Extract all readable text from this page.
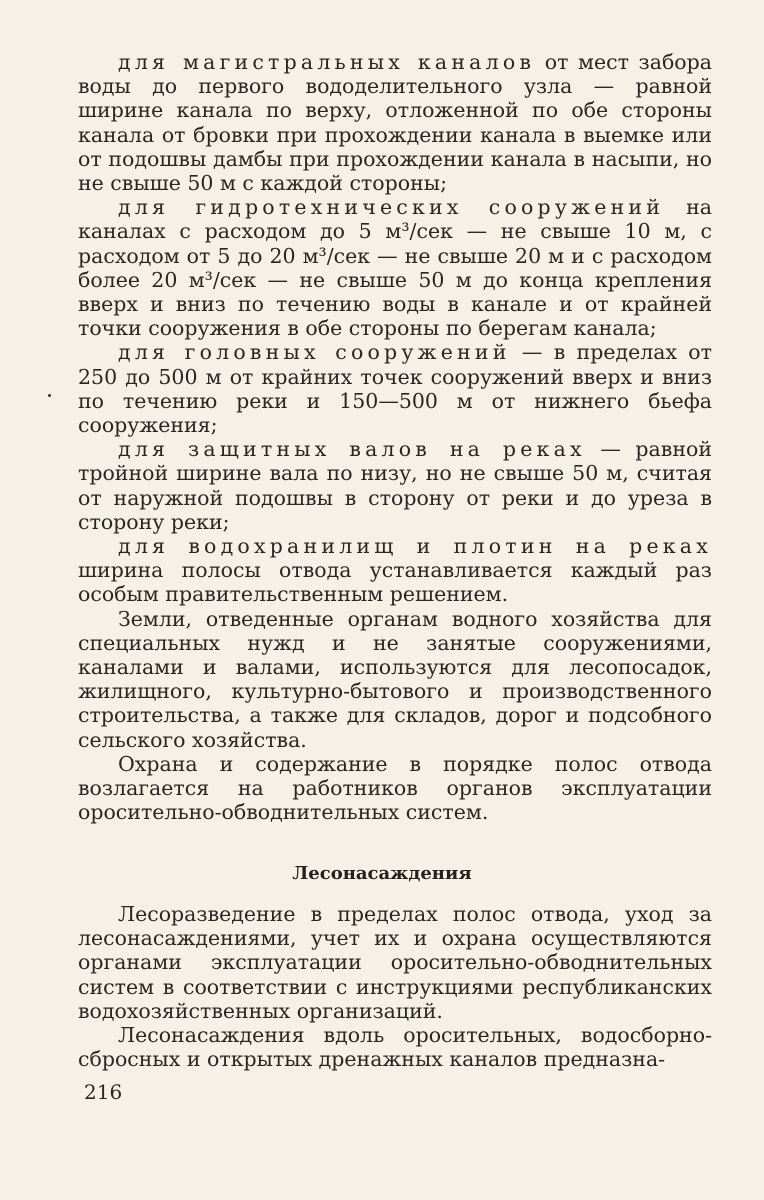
для магистральных каналов от мест забора воды до первого вододелительного узла — равной ширине канала по верху, отложенной по обе стороны канала от бровки при прохождении канала в выемке или от подошвы дамбы при прохождении канала в насыпи, но не свыше 50 м с каждой стороны;

для гидротехнических сооружений на каналах с расходом до 5 м³/сек — не свыше 10 м, с расходом от 5 до 20 м³/сек — не свыше 20 м и с расходом более 20 м³/сек — не свыше 50 м до конца крепления вверх и вниз по течению воды в канале и от крайней точки сооружения в обе стороны по берегам канала;

для головных сооружений — в пределах от 250 до 500 м от крайних точек сооружений вверх и вниз по течению реки и 150—500 м от нижнего бьефа сооружения;

для защитных валов на реках — равной тройной ширине вала по низу, но не свыше 50 м, считая от наружной подошвы в сторону от реки и до уреза в сторону реки;

для водохранилищ и плотин на реках ширина полосы отвода устанавливается каждый раз особым правительственным решением.

Земли, отведенные органам водного хозяйства для специальных нужд и не занятые сооружениями, каналами и валами, используются для лесопосадок, жилищного, культурно-бытового и производственного строительства, а также для складов, дорог и подсобного сельского хозяйства.

Охрана и содержание в порядке полос отвода возлагается на работников органов эксплуатации оросительно-обводнительных систем.

Лесонасаждения

Лесоразведение в пределах полос отвода, уход за лесонасаждениями, учет их и охрана осуществляются органами эксплуатации оросительно-обводнительных систем в соответствии с инструкциями республиканских водохозяйственных организаций.

Лесонасаждения вдоль оросительных, водосборно-сбросных и открытых дренажных каналов предназна-

216
